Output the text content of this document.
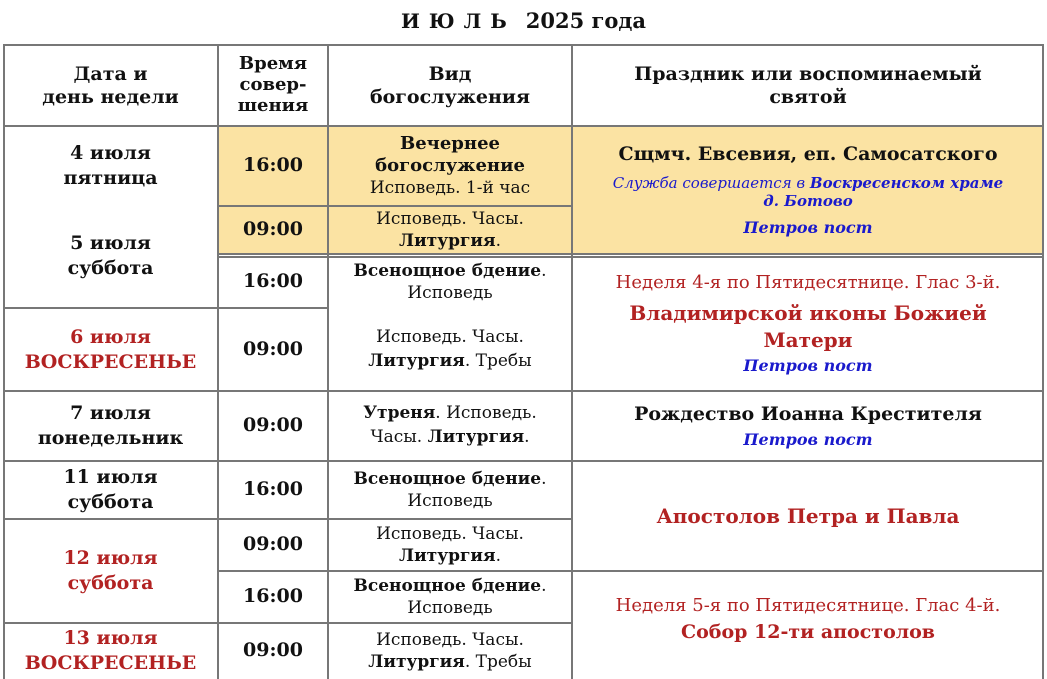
И Ю Л Ь 2025 года
Дата и
день недели
Время
совер-
шения
Вид
богослужения
Праздник или воспоминаемый
святой
4 июля
пятница
5 июля
суббота
6 июля
ВОСКРЕСЕНЬЕ
7 июля
понедельник
11 июля
суббота
12 июля
суббота
13 июля
ВОСКРЕСЕНЬЕ
16:00
09:00
16:00
09:00
09:00
16:00
09:00
16:00
09:00
Вечернее
богослужение
Исповедь. 1-й час
Исповедь. Часы.
Литургия.
Всенощное бдение.
Исповедь
Исповедь. Часы.
Литургия. Требы
Утреня. Исповедь.
Часы. Литургия.
Всенощное бдение.
Исповедь
Исповедь. Часы.
Литургия.
Всенощное бдение.
Исповедь
Исповедь. Часы.
Литургия. Требы
Сщмч. Евсевия, еп. Самосатского
Служба совершается в Воскресенском храме
д. Ботово
Петров пост
Неделя 4-я по Пятидесятнице. Глас 3-й.
Владимирской иконы Божией Матери
Петров пост
Рождество Иоанна Крестителя
Петров пост
Апостолов Петра и Павла
Неделя 5-я по Пятидесятнице. Глас 4-й.
Собор 12-ти апостолов
